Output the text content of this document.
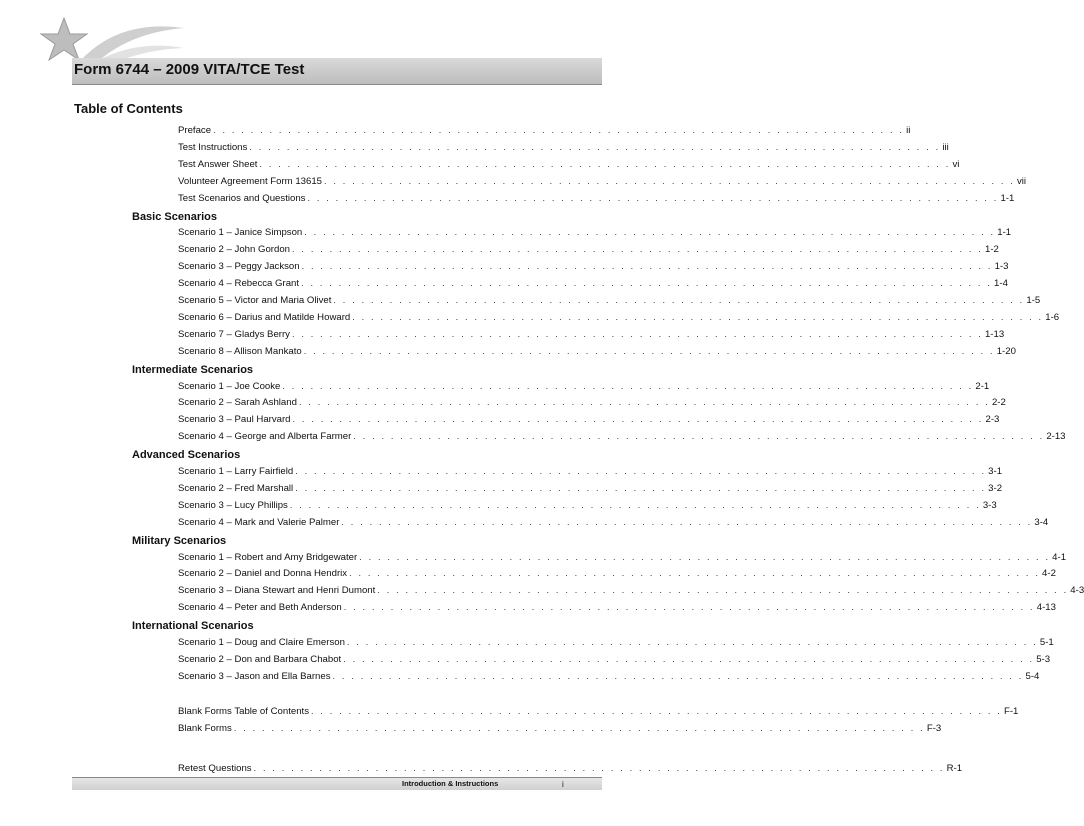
Form 6744 – 2009 VITA/TCE Test
Table of Contents
Preface . . . . . . . . . . . . . . . . . . . . . . . . . . . . . . . . . . . . . . . . . . . . . . . . . . . . . . . . . . . . . . . . . . . . . . . . . . ii
Test Instructions . . . . . . . . . . . . . . . . . . . . . . . . . . . . . . . . . . . . . . . . . . . . . . . . . . . . . . . . . . . . . . . . . . . . . . . . . . iii
Test Answer Sheet . . . . . . . . . . . . . . . . . . . . . . . . . . . . . . . . . . . . . . . . . . . . . . . . . . . . . . . . . . . . . . . . . . . . . . . . . . vi
Volunteer Agreement Form 13615 . . . . . . . . . . . . . . . . . . . . . . . . . . . . . . . . . . . . . . . . . . . . . . . . . . . . . . . . . . . . . . . . . . . . . . . . . . vii
Test Scenarios and Questions . . . . . . . . . . . . . . . . . . . . . . . . . . . . . . . . . . . . . . . . . . . . . . . . . . . . . . . . . . . . . . . . . . . . . . . . . . 1-1
Basic Scenarios
Scenario 1 – Janice Simpson . . . . . . . . . . . . . . . . . . . . . . . . . . . . . . . . . . . . . . . . . . . . . . . . . . . . . . . . . . . . . . . . . . . . . . . . . . 1-1
Scenario 2 – John Gordon . . . . . . . . . . . . . . . . . . . . . . . . . . . . . . . . . . . . . . . . . . . . . . . . . . . . . . . . . . . . . . . . . . . . . . . . . . 1-2
Scenario 3 – Peggy Jackson . . . . . . . . . . . . . . . . . . . . . . . . . . . . . . . . . . . . . . . . . . . . . . . . . . . . . . . . . . . . . . . . . . . . . . . . . . 1-3
Scenario 4 – Rebecca Grant . . . . . . . . . . . . . . . . . . . . . . . . . . . . . . . . . . . . . . . . . . . . . . . . . . . . . . . . . . . . . . . . . . . . . . . . . . 1-4
Scenario 5 – Victor and Maria Olivet . . . . . . . . . . . . . . . . . . . . . . . . . . . . . . . . . . . . . . . . . . . . . . . . . . . . . . . . . . . . . . . . . . . . . . . . . . 1-5
Scenario 6 – Darius and Matilde Howard . . . . . . . . . . . . . . . . . . . . . . . . . . . . . . . . . . . . . . . . . . . . . . . . . . . . . . . . . . . . . . . . . . . . . . . . . . 1-6
Scenario 7 – Gladys Berry . . . . . . . . . . . . . . . . . . . . . . . . . . . . . . . . . . . . . . . . . . . . . . . . . . . . . . . . . . . . . . . . . . . . . . . . . . 1-13
Scenario 8 – Allison Mankato . . . . . . . . . . . . . . . . . . . . . . . . . . . . . . . . . . . . . . . . . . . . . . . . . . . . . . . . . . . . . . . . . . . . . . . . . . 1-20
Intermediate Scenarios
Scenario 1 – Joe Cooke . . . . . . . . . . . . . . . . . . . . . . . . . . . . . . . . . . . . . . . . . . . . . . . . . . . . . . . . . . . . . . . . . . . . . . . . . . 2-1
Scenario 2 – Sarah Ashland . . . . . . . . . . . . . . . . . . . . . . . . . . . . . . . . . . . . . . . . . . . . . . . . . . . . . . . . . . . . . . . . . . . . . . . . . . 2-2
Scenario 3 – Paul Harvard . . . . . . . . . . . . . . . . . . . . . . . . . . . . . . . . . . . . . . . . . . . . . . . . . . . . . . . . . . . . . . . . . . . . . . . . . . 2-3
Scenario 4 – George and Alberta Farmer . . . . . . . . . . . . . . . . . . . . . . . . . . . . . . . . . . . . . . . . . . . . . . . . . . . . . . . . . . . . . . . . . . . . . . . . . . 2-13
Advanced Scenarios
Scenario 1 – Larry Fairfield . . . . . . . . . . . . . . . . . . . . . . . . . . . . . . . . . . . . . . . . . . . . . . . . . . . . . . . . . . . . . . . . . . . . . . . . . . 3-1
Scenario 2 – Fred Marshall . . . . . . . . . . . . . . . . . . . . . . . . . . . . . . . . . . . . . . . . . . . . . . . . . . . . . . . . . . . . . . . . . . . . . . . . . . 3-2
Scenario 3 – Lucy Phillips . . . . . . . . . . . . . . . . . . . . . . . . . . . . . . . . . . . . . . . . . . . . . . . . . . . . . . . . . . . . . . . . . . . . . . . . . . 3-3
Scenario 4 – Mark and Valerie Palmer . . . . . . . . . . . . . . . . . . . . . . . . . . . . . . . . . . . . . . . . . . . . . . . . . . . . . . . . . . . . . . . . . . . . . . . . . . 3-4
Military Scenarios
Scenario 1 – Robert and Amy Bridgewater . . . . . . . . . . . . . . . . . . . . . . . . . . . . . . . . . . . . . . . . . . . . . . . . . . . . . . . . . . . . . . . . . . . . . . . . . . 4-1
Scenario 2 – Daniel and Donna Hendrix . . . . . . . . . . . . . . . . . . . . . . . . . . . . . . . . . . . . . . . . . . . . . . . . . . . . . . . . . . . . . . . . . . . . . . . . . . 4-2
Scenario 3 – Diana Stewart and Henri Dumont . . . . . . . . . . . . . . . . . . . . . . . . . . . . . . . . . . . . . . . . . . . . . . . . . . . . . . . . . . . . . . . . . . . . . . . . . . 4-3
Scenario 4 – Peter and Beth Anderson . . . . . . . . . . . . . . . . . . . . . . . . . . . . . . . . . . . . . . . . . . . . . . . . . . . . . . . . . . . . . . . . . . . . . . . . . . 4-13
International Scenarios
Scenario 1 – Doug and Claire Emerson . . . . . . . . . . . . . . . . . . . . . . . . . . . . . . . . . . . . . . . . . . . . . . . . . . . . . . . . . . . . . . . . . . . . . . . . . . 5-1
Scenario 2 – Don and Barbara Chabot . . . . . . . . . . . . . . . . . . . . . . . . . . . . . . . . . . . . . . . . . . . . . . . . . . . . . . . . . . . . . . . . . . . . . . . . . . 5-3
Scenario 3 – Jason and Ella Barnes . . . . . . . . . . . . . . . . . . . . . . . . . . . . . . . . . . . . . . . . . . . . . . . . . . . . . . . . . . . . . . . . . . . . . . . . . . 5-4
Blank Forms Table of Contents . . . . . . . . . . . . . . . . . . . . . . . . . . . . . . . . . . . . . . . . . . . . . . . . . . . . . . . . . . . . . . . . . . . . . . . . . . F-1
Blank Forms . . . . . . . . . . . . . . . . . . . . . . . . . . . . . . . . . . . . . . . . . . . . . . . . . . . . . . . . . . . . . . . . . . . . . . . . . . F-3
Retest Questions . . . . . . . . . . . . . . . . . . . . . . . . . . . . . . . . . . . . . . . . . . . . . . . . . . . . . . . . . . . . . . . . . . . . . . . . . . R-1
Introduction & Instructions	i
